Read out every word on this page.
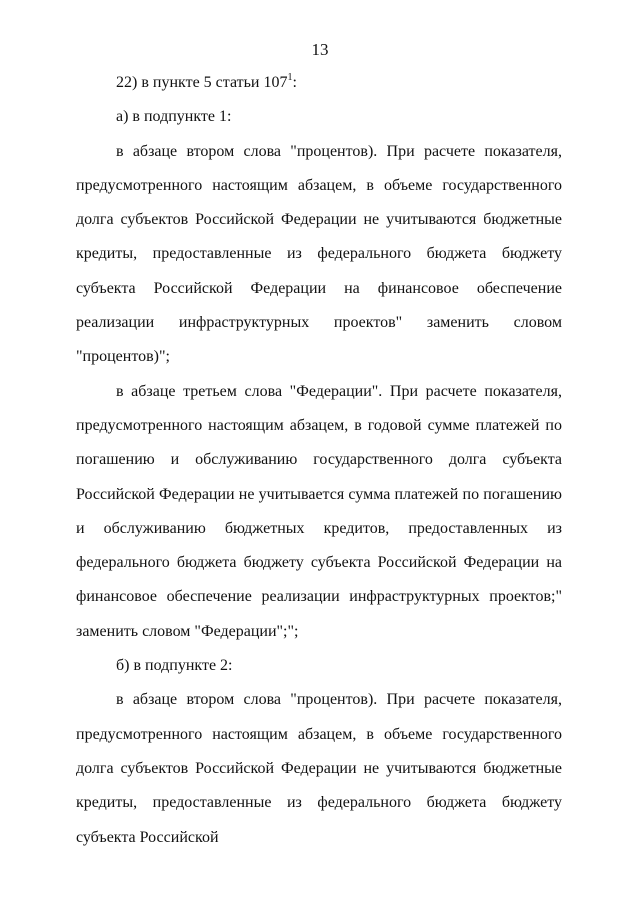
13

22) в пункте 5 статьи $107^1$:

а) в подпункте 1:

в абзаце втором слова "процентов). При расчете показателя, предусмотренного настоящим абзацем, в объеме государственного долга субъектов Российской Федерации не учитываются бюджетные кредиты, предоставленные из федерального бюджета бюджету субъекта Российской Федерации на финансовое обеспечение реализации инфраструктурных проектов" заменить словом "процентов)";

в абзаце третьем слова "Федерации". При расчете показателя, предусмотренного настоящим абзацем, в годовой сумме платежей по погашению и обслуживанию государственного долга субъекта Российской Федерации не учитывается сумма платежей по погашению и обслуживанию бюджетных кредитов, предоставленных из федерального бюджета бюджету субъекта Российской Федерации на финансовое обеспечение реализации инфраструктурных проектов;" заменить словом "Федерации";";

б) в подпункте 2:

в абзаце втором слова "процентов). При расчете показателя, предусмотренного настоящим абзацем, в объеме государственного долга субъектов Российской Федерации не учитываются бюджетные кредиты, предоставленные из федерального бюджета бюджету субъекта Российской
